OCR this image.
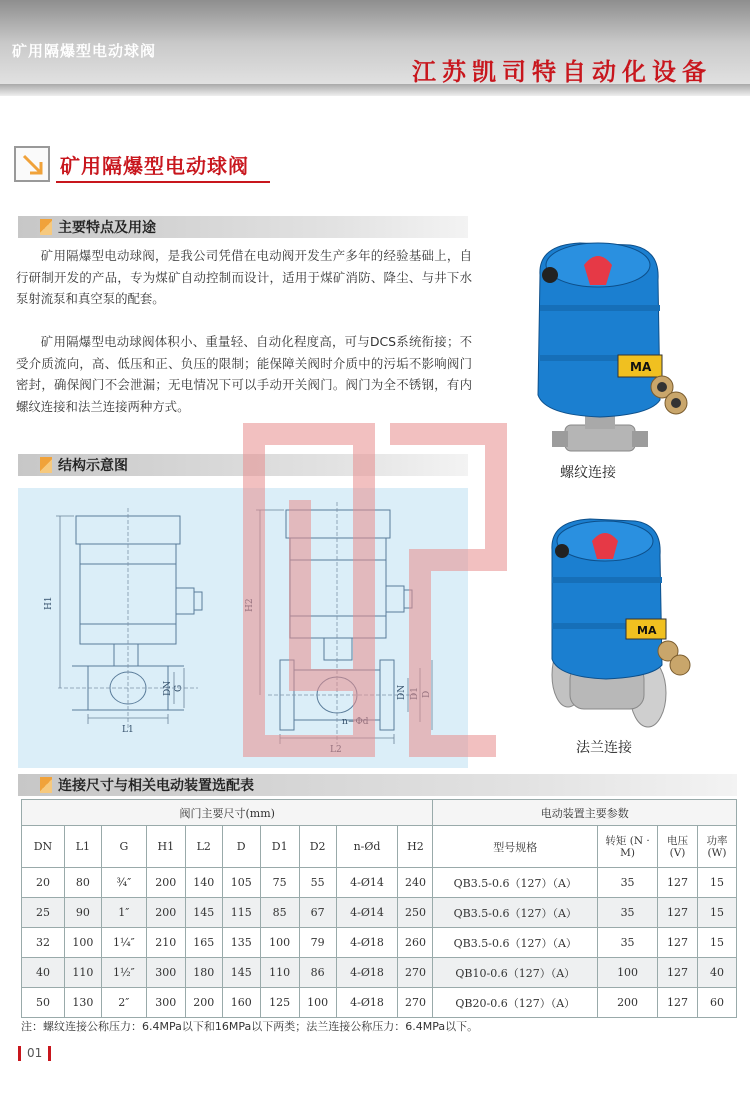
矿用隔爆型电动球阀
江苏凯司特自动化设备
矿用隔爆型电动球阀
主要特点及用途

矿用隔爆型电动球阀，是我公司凭借在电动阀开发生产多年的经验基础上，自行研制开发的产品，专为煤矿自动控制而设计，适用于煤矿消防、降尘、与井下水泵射流泵和真空泵的配套。

矿用隔爆型电动球阀体积小、重量轻、自动化程度高，可与DCS系统衔接；不受介质流向，高、低压和正、负压的限制；能保障关阀时介质中的污垢不影响阀门密封，确保阀门不会泄漏；无电情况下可以手动开关阀门。阀门为全不锈钢，有内螺纹连接和法兰连接两种方式。

结构示意图
H1
L1
DN G
H2
L2
DN D1 D
n−Φd
MA
螺纹连接
MA
法兰连接
连接尺寸与相关电动装置选配表
阀门主要尺寸(mm)										电动装置主要参数			
DN	L1	G	H1	L2	D	D1	D2	n-Ød	H2	型号规格	转矩 (N · M)	电压 (V)	功率 (W)
20	80	¾″	200	140	105	75	55	4-Ø14	240	QB3.5-0.6（127）（A）	35	127	15
25	90	1″	200	145	115	85	67	4-Ø14	250	QB3.5-0.6（127）（A）	35	127	15
32	100	1¼″	210	165	135	100	79	4-Ø18	260	QB3.5-0.6（127）（A）	35	127	15
40	110	1½″	300	180	145	110	86	4-Ø18	270	QB10-0.6（127）（A）	100	127	40
50	130	2″	300	200	160	125	100	4-Ø18	270	QB20-0.6（127）（A）	200	127	60
注：螺纹连接公称压力：6.4MPa以下和16MPa以下两类；法兰连接公称压力：6.4MPa以下。
01
